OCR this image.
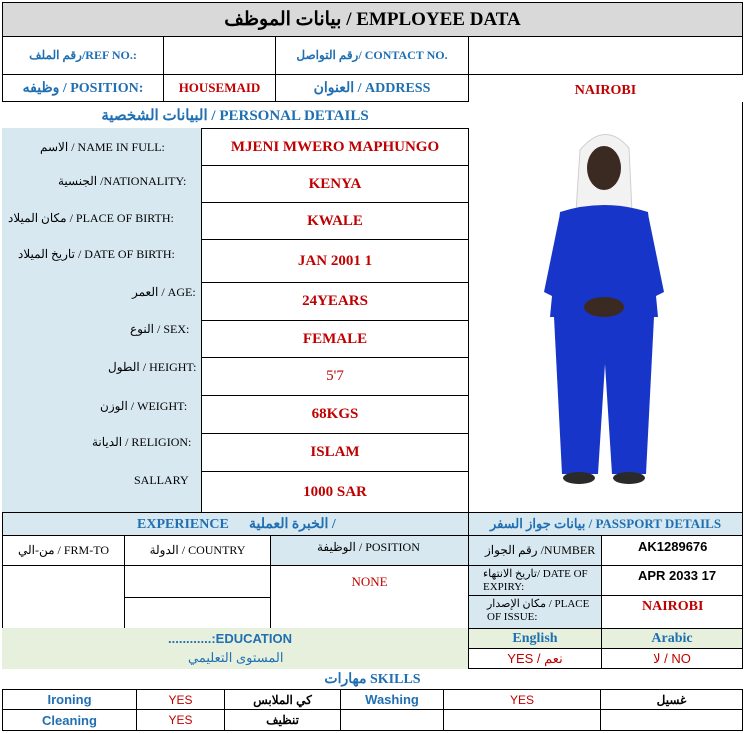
بيانات الموظف
/
EMPLOYEE DATA
رقم الملف/REF NO.:	رقم التواصل/ CONTACT NO.
وظيفه / POSITION:	HOUSEMAID	العنوان / ADDRESS	NAIROBI
البيانات الشخصية / PERSONAL DETAILS
الاسم / NAME IN FULL:	MJENI MWERO MAPHUNGO
الجنسية /NATIONALITY:	KENYA
مكان الميلاد / PLACE OF BIRTH:	KWALE
تاريخ الميلاد / DATE OF BIRTH:	JAN 2001 1
العمر / AGE:
24YEARS
النوع / SEX:
FEMALE
الطول / HEIGHT:
5'7
الوزن / WEIGHT:	68KGS
الديانة / RELIGION:
ISLAM
SALLARY
1000 SAR
EXPERIENCE الخبرة العملية /	بيانات جواز السفر / PASSPORT DETAILS
من-الي / FRM-TO	الدولة / COUNTRY	الوظيفة / POSITION
NONE
رقم الجواز /NUMBER	AK1289676
تاريخ الانتهاء/ DATE OF EXPIRY:
APR 2033 17
مكان الإصدار / PLACE OF ISSUE:
NAIROBI
............:EDUCATION
المستوى التعليمي
English	Arabic
YES / نعم	لا / NO
مهارات SKILLS
Ironing	YES	كي الملابس	Washing	YES	غسيل
Cleaning	YES	تنظيف
